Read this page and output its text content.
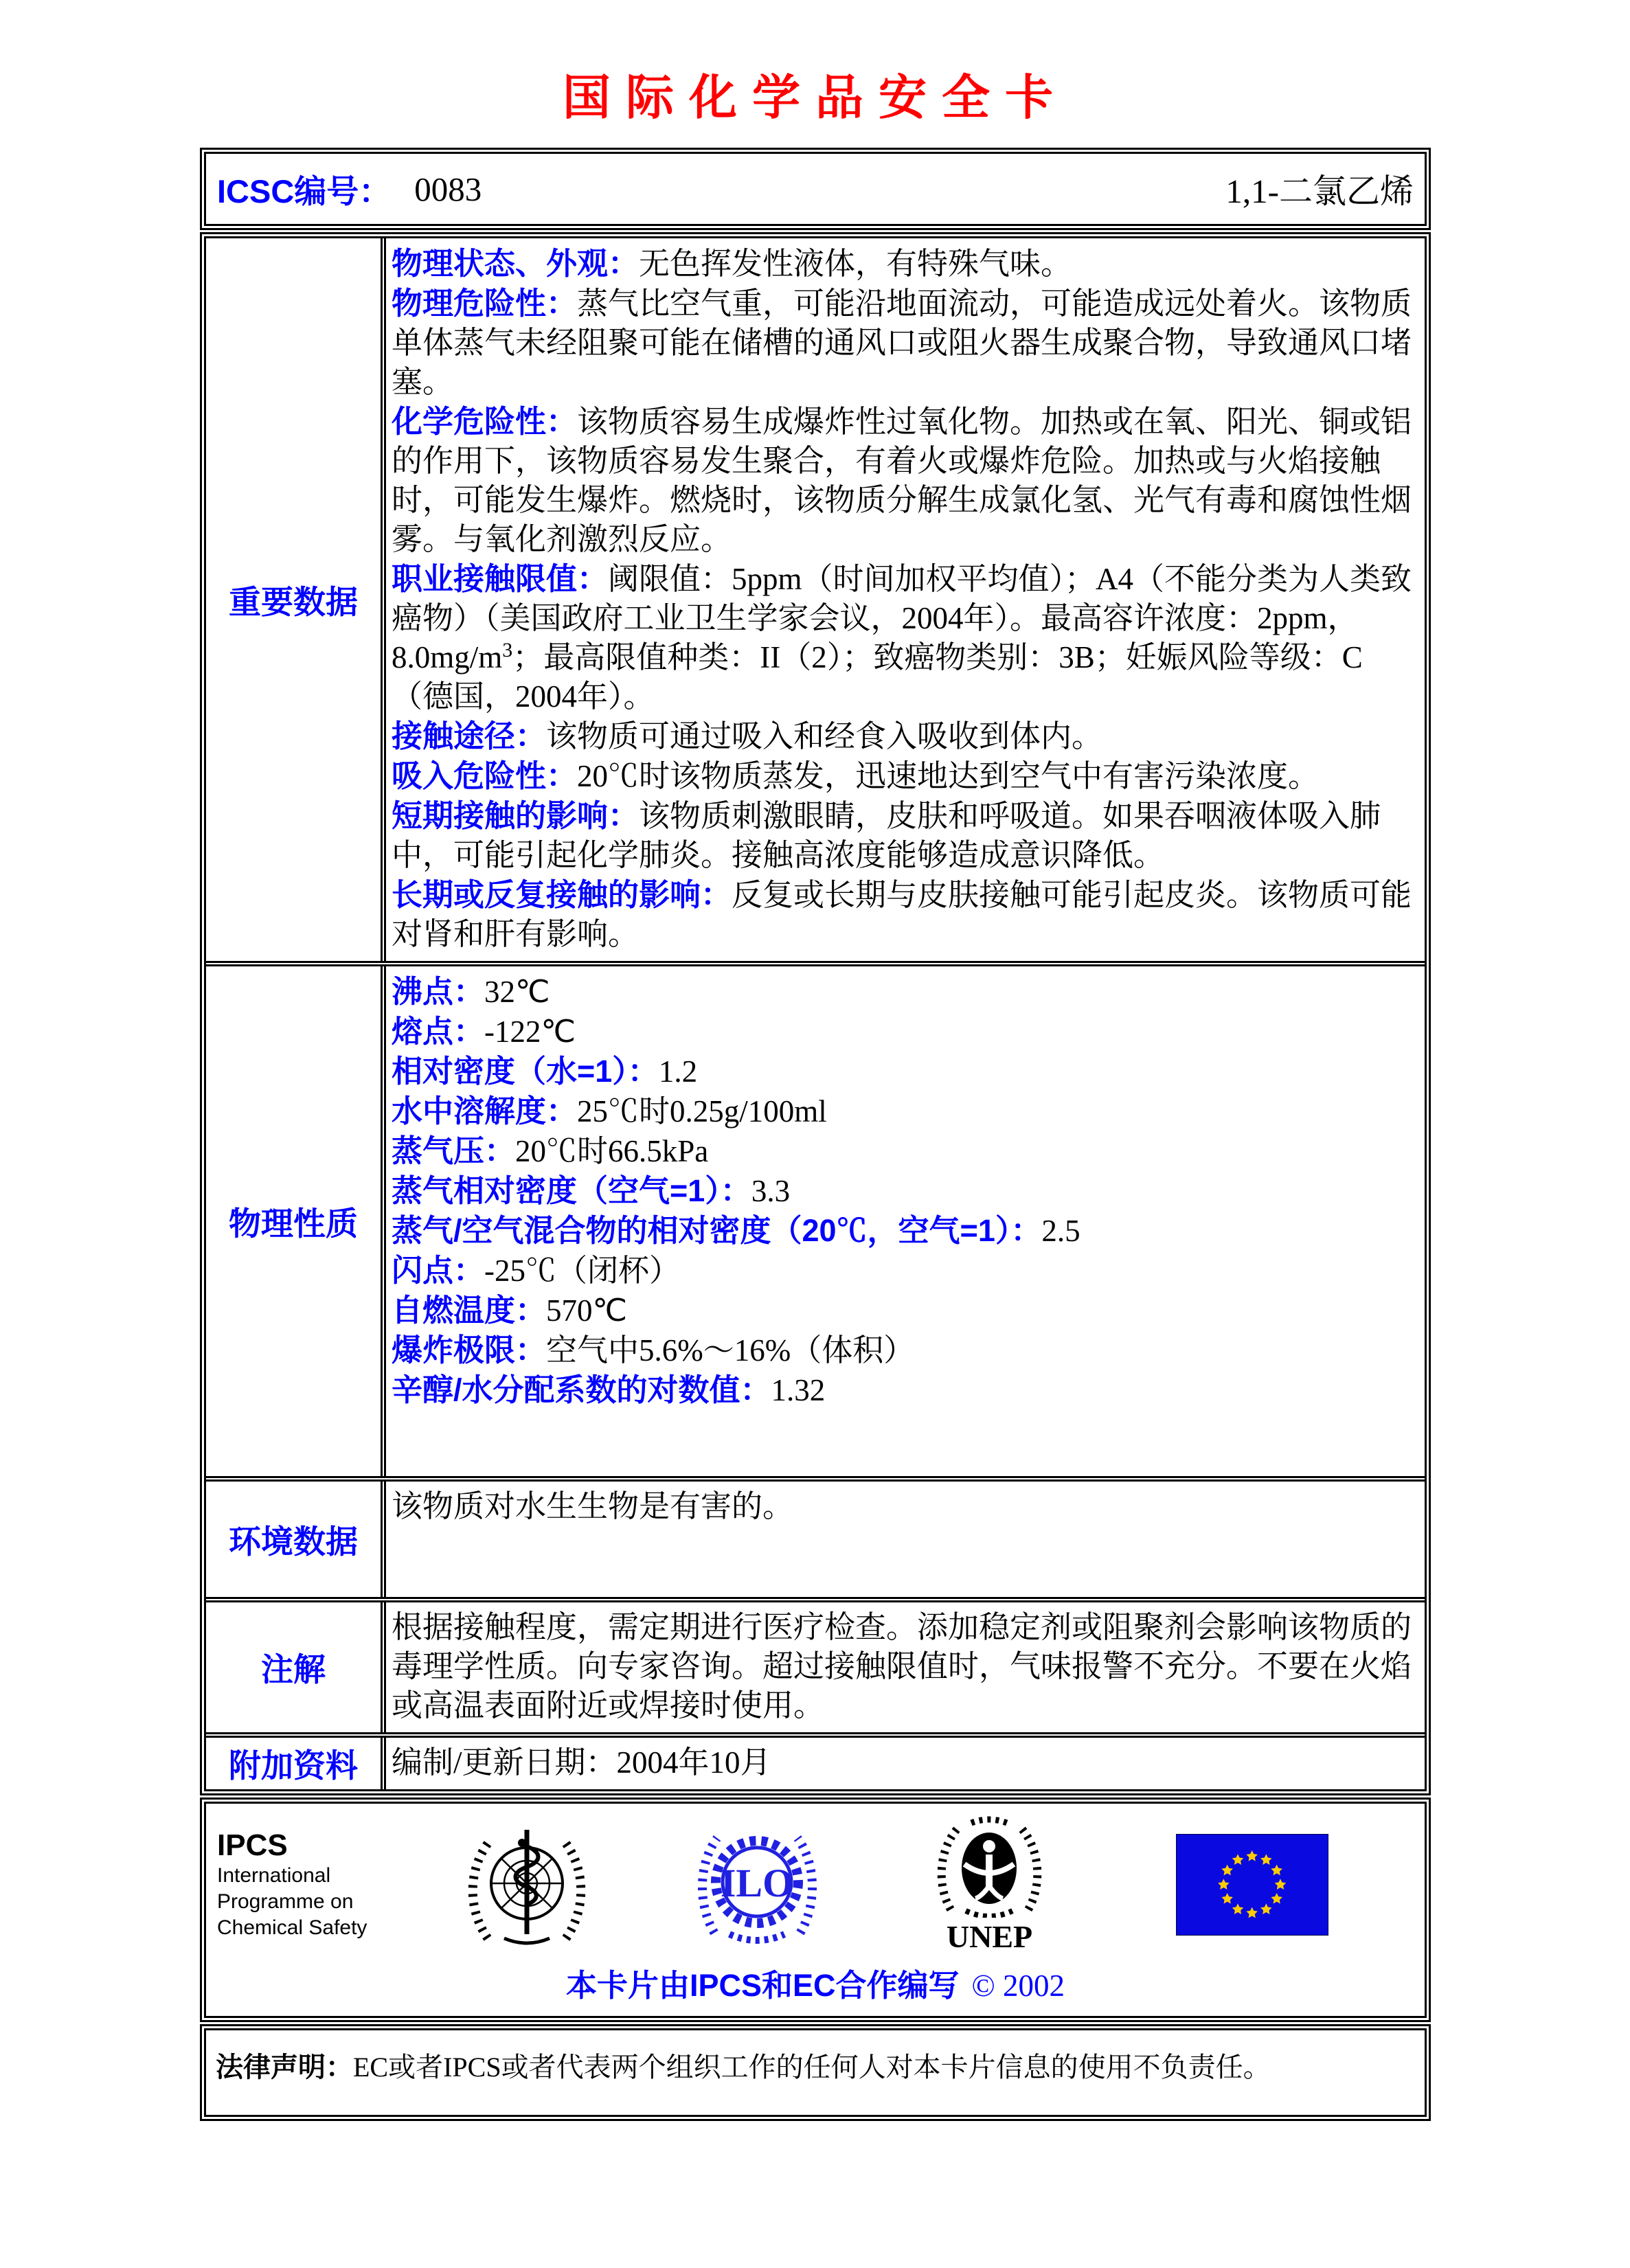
国际化学品安全卡
ICSC编号： 0083	1,1-二氯乙烯
重要数据
物理状态、外观：无色挥发性液体，有特殊气味。
物理危险性：蒸气比空气重，可能沿地面流动，可能造成远处着火。该物质单体蒸气未经阻聚可能在储槽的通风口或阻火器生成聚合物，导致通风口堵塞。
化学危险性：该物质容易生成爆炸性过氧化物。加热或在氧、阳光、铜或铝的作用下，该物质容易发生聚合，有着火或爆炸危险。加热或与火焰接触时，可能发生爆炸。燃烧时，该物质分解生成氯化氢、光气有毒和腐蚀性烟雾。与氧化剂激烈反应。
职业接触限值：阈限值：5ppm（时间加权平均值）；A4（不能分类为人类致癌物）（美国政府工业卫生学家会议，2004年）。最高容许浓度：2ppm，$8.0mg/m^3$；最高限值种类：II（2）；致癌物类别：3B；妊娠风险等级：C（德国，2004年）。
接触途径：该物质可通过吸入和经食入吸收到体内。
吸入危险性：20℃时该物质蒸发，迅速地达到空气中有害污染浓度。
短期接触的影响：该物质刺激眼睛，皮肤和呼吸道。如果吞咽液体吸入肺中，可能引起化学肺炎。接触高浓度能够造成意识降低。
长期或反复接触的影响：反复或长期与皮肤接触可能引起皮炎。该物质可能对肾和肝有影响。
物理性质
沸点：32℃
熔点：-122℃
相对密度（水=1）：1.2
水中溶解度：25℃时0.25g/100ml
蒸气压：20℃时66.5kPa
蒸气相对密度（空气=1）：3.3
蒸气/空气混合物的相对密度（20℃，空气=1）：2.5
闪点：-25℃（闭杯）
自燃温度：570℃
爆炸极限：空气中5.6%～16%（体积）
辛醇/水分配系数的对数值：1.32
环境数据
该物质对水生生物是有害的。
注解
根据接触程度，需定期进行医疗检查。添加稳定剂或阻聚剂会影响该物质的毒理学性质。向专家咨询。超过接触限值时，气味报警不充分。不要在火焰或高温表面附近或焊接时使用。
附加资料	编制/更新日期：2004年10月
IPCS
International
Programme on
Chemical Safety
ILO
UNEP
本卡片由IPCS和EC合作编写 © 2002
法律声明：EC或者IPCS或者代表两个组织工作的任何人对本卡片信息的使用不负责任。
